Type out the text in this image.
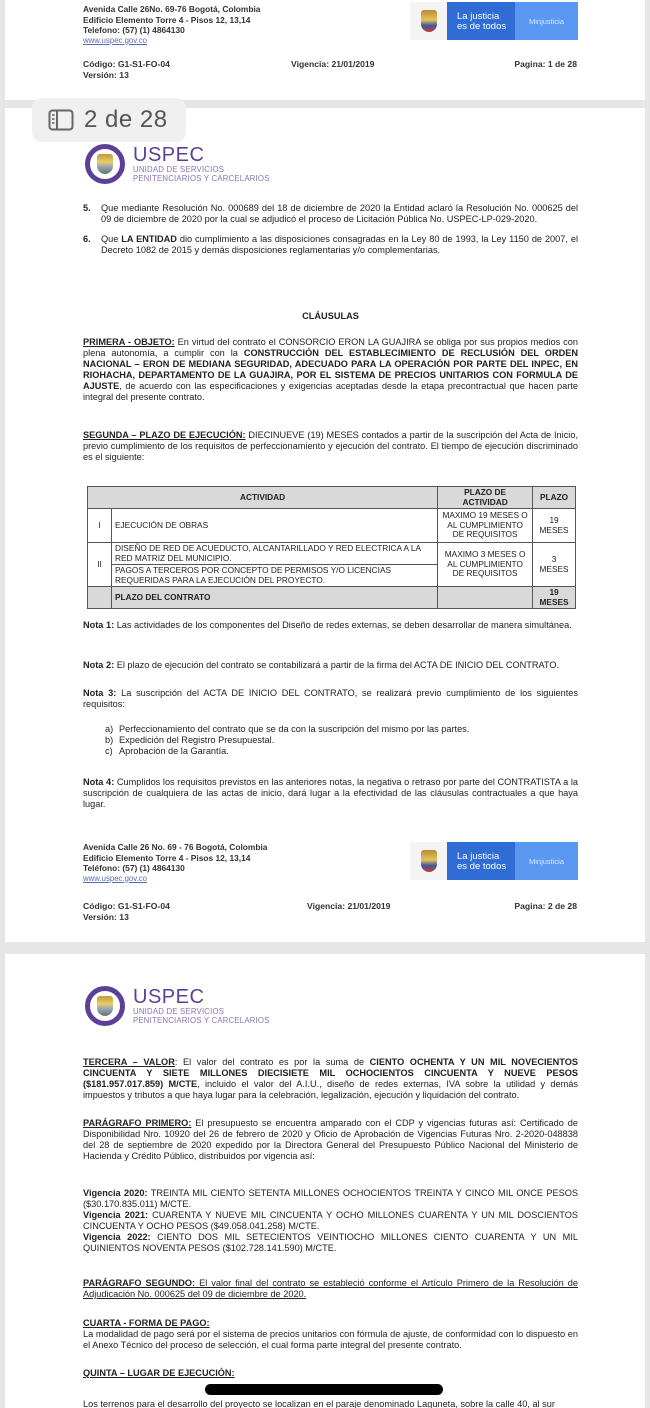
Avenida Calle 26No. 69-76 Bogotá, Colombia
Edificio Elemento Torre 4 - Pisos 12, 13,14
Telefono: (57) (1) 4864130
www.uspec.gov.co
La justicia
es de todos	Minjusticia
Código: G1-S1-FO-04
Versión: 13
Vigencia: 21/01/2019	Pagina: 1 de 28
2 de 28
USPEC
UNIDAD DE SERVICIOS
PENITENCIARIOS Y CARCELARIOS
5. Que mediante Resolución No. 000689 del 18 de diciembre de 2020 la Entidad aclaró la Resolución No. 000625 del 09 de diciembre de 2020 por la cual se adjudicó el proceso de Licitación Pública No. USPEC-LP-029-2020.
6. Que LA ENTIDAD dio cumplimiento a las disposiciones consagradas en la Ley 80 de 1993, la Ley 1150 de 2007, el Decreto 1082 de 2015 y demás disposiciones reglamentarias y/o complementarias.
CLÁUSULAS
PRIMERA - OBJETO: En virtud del contrato el CONSORCIO ERON LA GUAJIRA se obliga por sus propios medios con plena autonomía, a cumplir con la CONSTRUCCIÓN DEL ESTABLECIMIENTO DE RECLUSIÓN DEL ORDEN NACIONAL – ERON DE MEDIANA SEGURIDAD, ADECUADO PARA LA OPERACIÓN POR PARTE DEL INPEC, EN RIOHACHA, DEPARTAMENTO DE LA GUAJIRA, POR EL SISTEMA DE PRECIOS UNITARIOS CON FORMULA DE AJUSTE, de acuerdo con las especificaciones y exigencias aceptadas desde la etapa precontractual que hacen parte integral del presente contrato.
SEGUNDA – PLAZO DE EJECUCIÓN: DIECINUEVE (19) MESES contados a partir de la suscripción del Acta de Inicio, previo cumplimiento de los requisitos de perfeccionamiento y ejecución del contrato. El tiempo de ejecución discriminado es el siguiente:
ACTIVIDAD		PLAZO DE ACTIVIDAD	PLAZO
I	EJECUCIÓN DE OBRAS	MAXIMO 19 MESES O AL CUMPLIMIENTO DE REQUISITOS	19 MESES
II	DISEÑO DE RED DE ACUEDUCTO, ALCANTARILLADO Y RED ELECTRICA A LA RED MATRIZ DEL MUNICIPIO.	MAXIMO 3 MESES O AL CUMPLIMIENTO DE REQUISITOS	3 MESES
	PAGOS A TERCEROS POR CONCEPTO DE PERMISOS Y/O LICENCIAS REQUERIDAS PARA LA EJECUCIÓN DEL PROYECTO.		
	PLAZO DEL CONTRATO		19 MESES
Nota 1: Las actividades de los componentes del Diseño de redes externas, se deben desarrollar de manera simultánea.
Nota 2: El plazo de ejecución del contrato se contabilizará a partir de la firma del ACTA DE INICIO DEL CONTRATO.
Nota 3: La suscripción del ACTA DE INICIO DEL CONTRATO, se realizará previo cumplimiento de los siguientes requisitos:
a) Perfeccionamiento del contrato que se da con la suscripción del mismo por las partes.
b) Expedición del Registro Presupuestal.
c) Aprobación de la Garantía.
Nota 4: Cumplidos los requisitos previstos en las anteriores notas, la negativa o retraso por parte del CONTRATISTA a la suscripción de cualquiera de las actas de inicio, dará lugar a la efectividad de las cláusulas contractuales a que haya lugar.
Avenida Calle 26 No. 69 - 76 Bogotá, Colombia
Edificio Elemento Torre 4 - Pisos 12, 13,14
Teléfono: (57) (1) 4864130
www.uspec.gov.co
La justicia
es de todos	Minjusticia
Código: G1-S1-FO-04
Versión: 13
Vigencia: 21/01/2019	Pagina: 2 de 28
USPEC
UNIDAD DE SERVICIOS
PENITENCIARIOS Y CARCELARIOS
TERCERA – VALOR: El valor del contrato es por la suma de CIENTO OCHENTA Y UN MIL NOVECIENTOS CINCUENTA Y SIETE MILLONES DIECISIETE MIL OCHOCIENTOS CINCUENTA Y NUEVE PESOS ($181.957.017.859) M/CTE, incluido el valor del A.I.U., diseño de redes externas, IVA sobre la utilidad y demás impuestos y tributos a que haya lugar para la celebración, legalización, ejecución y liquidación del contrato.
PARÁGRAFO PRIMERO: El presupuesto se encuentra amparado con el CDP y vigencias futuras así: Certificado de Disponibilidad Nro. 10920 del 26 de febrero de 2020 y Oficio de Aprobación de Vigencias Futuras Nro. 2-2020-048838 del 28 de septiembre de 2020 expedido por la Directora General del Presupuesto Público Nacional del Ministerio de Hacienda y Crédito Público, distribuidos por vigencia así:
Vigencia 2020: TREINTA MIL CIENTO SETENTA MILLONES OCHOCIENTOS TREINTA Y CINCO MIL ONCE PESOS ($30.170.835.011) M/CTE.
Vigencia 2021: CUARENTA Y NUEVE MIL CINCUENTA Y OCHO MILLONES CUARENTA Y UN MIL DOSCIENTOS CINCUENTA Y OCHO PESOS ($49.058.041.258) M/CTE.
Vigencia 2022: CIENTO DOS MIL SETECIENTOS VEINTIOCHO MILLONES CIENTO CUARENTA Y UN MIL QUINIENTOS NOVENTA PESOS ($102.728.141.590) M/CTE.
PARÁGRAFO SEGUNDO: El valor final del contrato se estableció conforme el Artículo Primero de la Resolución de Adjudicación No. 000625 del 09 de diciembre de 2020.
CUARTA - FORMA DE PAGO:
La modalidad de pago será por el sistema de precios unitarios con fórmula de ajuste, de conformidad con lo dispuesto en el Anexo Técnico del proceso de selección, el cual forma parte integral del presente contrato.
QUINTA – LUGAR DE EJECUCIÓN:
Los terrenos para el desarrollo del proyecto se localizan en el paraje denominado Laguneta, sobre la calle 40, al sur
